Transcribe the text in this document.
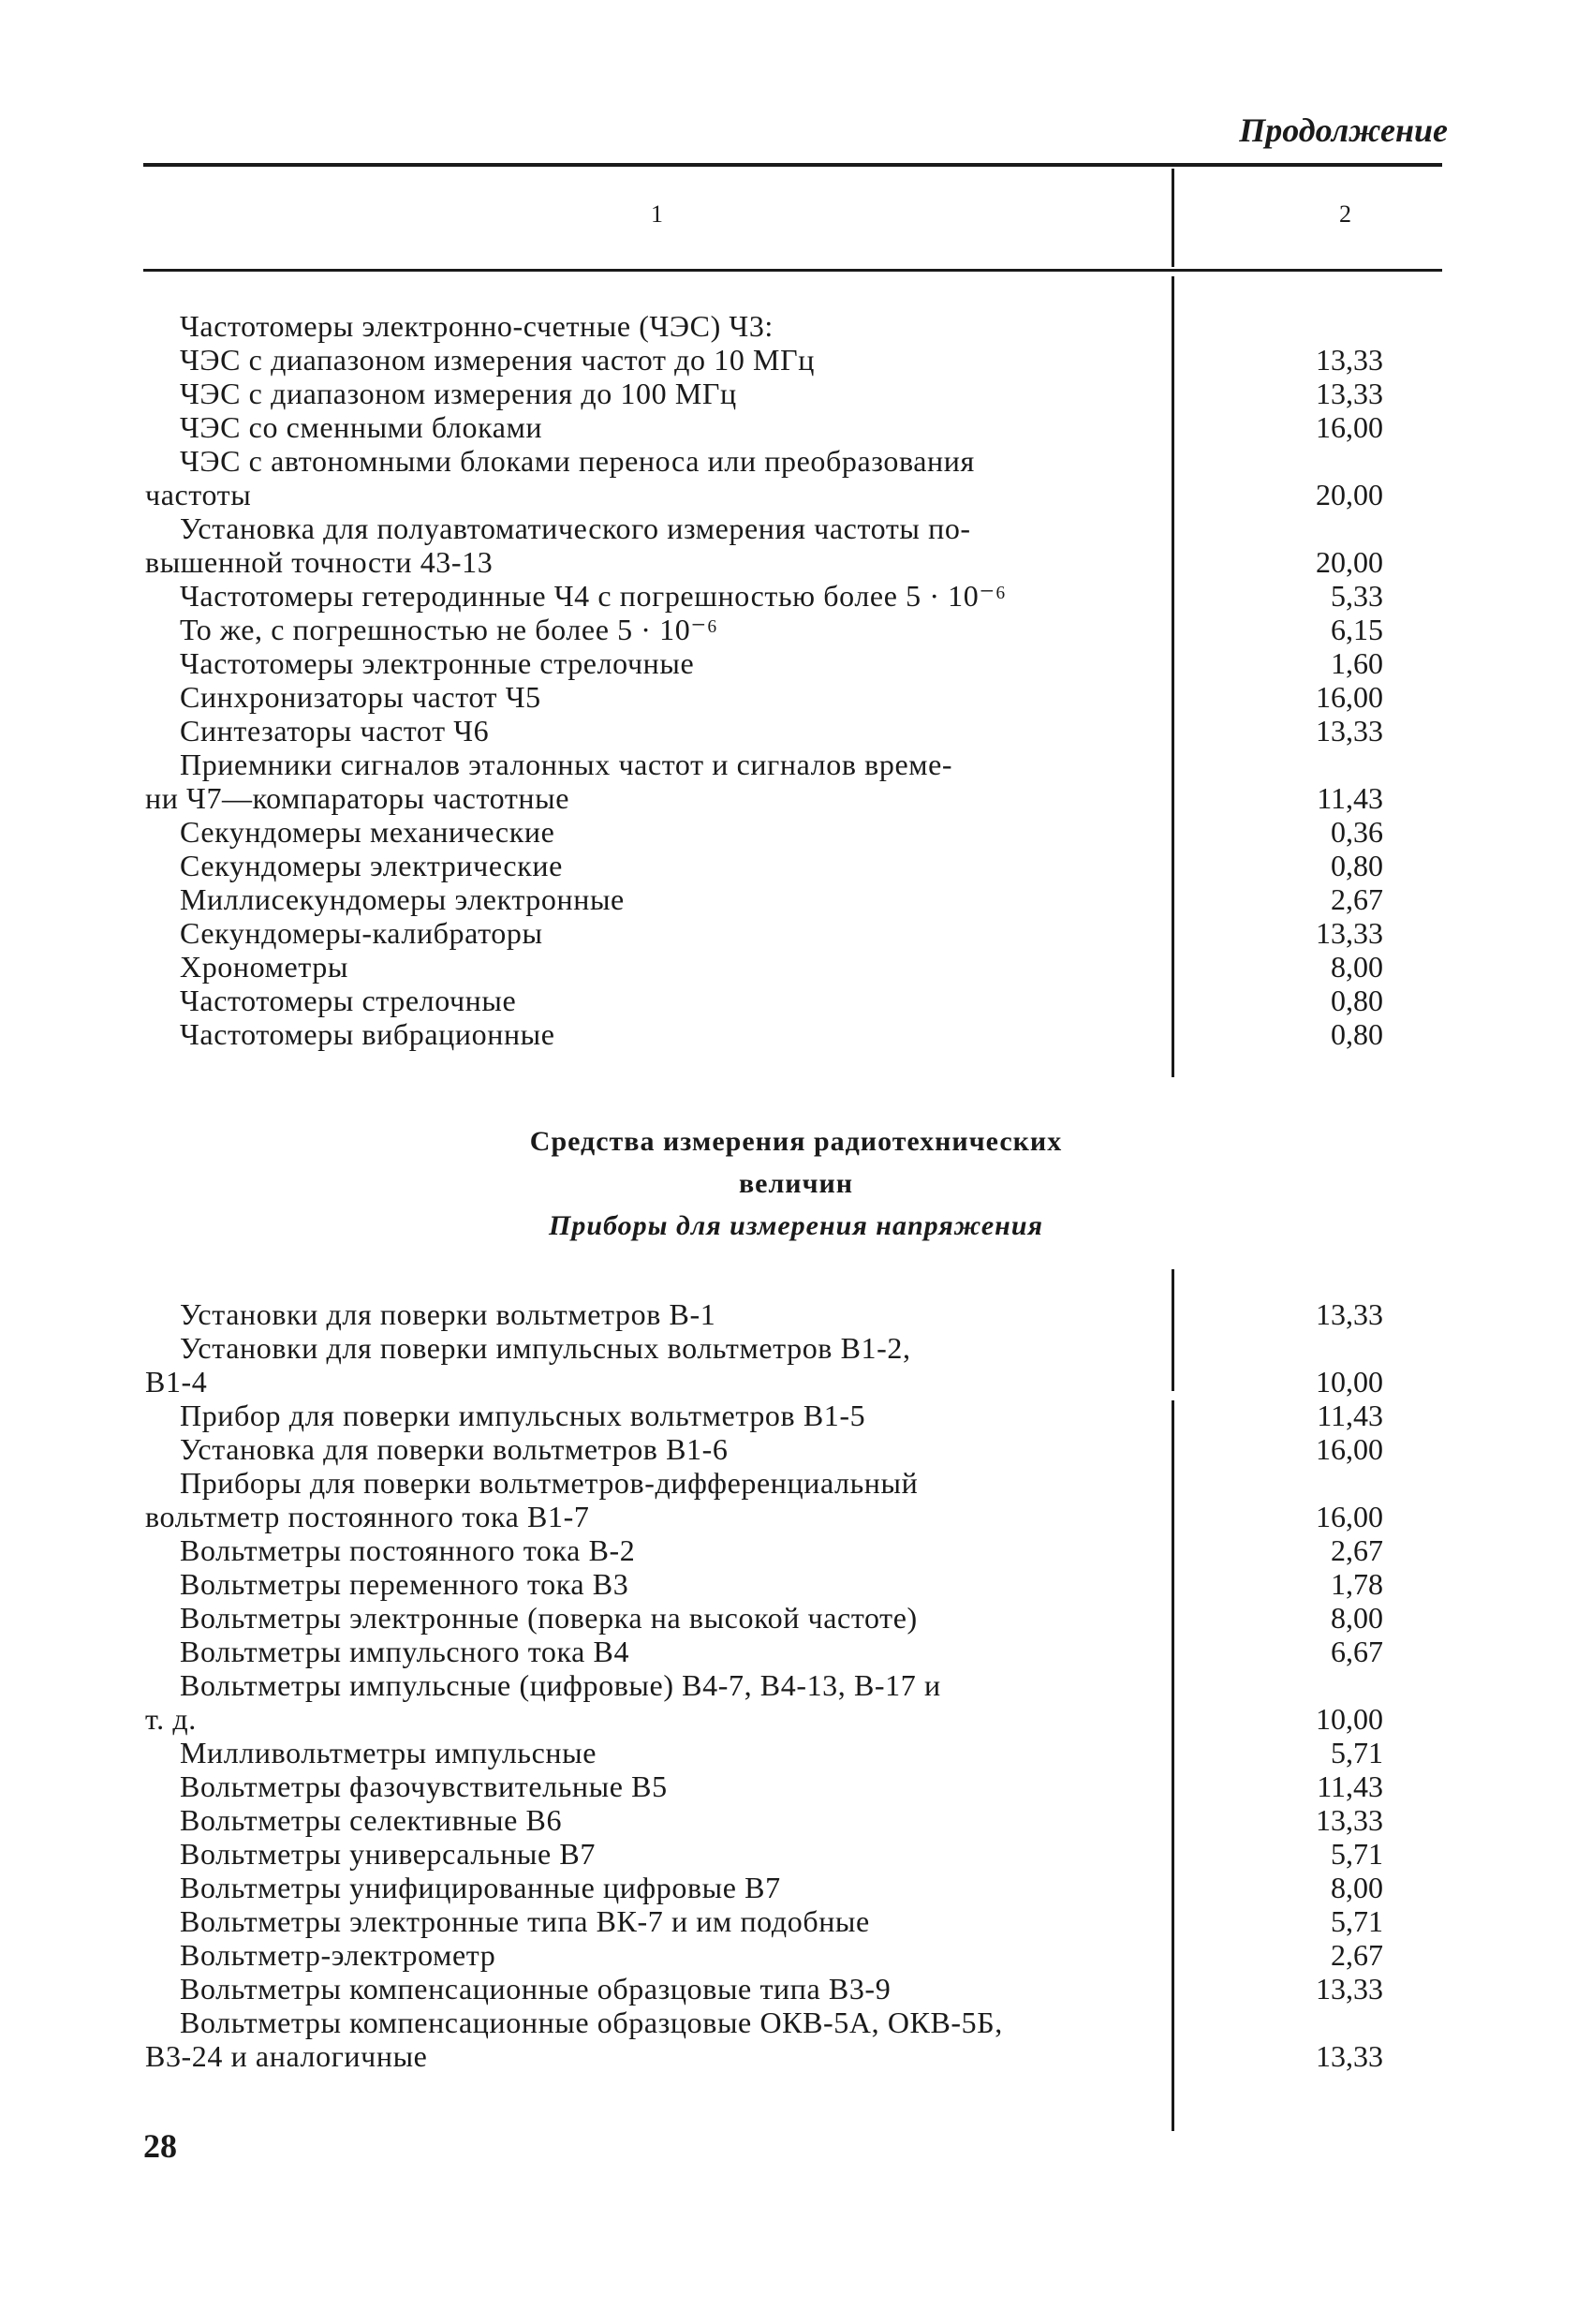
Продолжение
1	2
Частотомеры электронно-счетные (ЧЭС) Ч3:
ЧЭС с диапазоном измерения частот до 10 МГц	13,33
ЧЭС с диапазоном измерения до 100 МГц	13,33
ЧЭС со сменными блоками	16,00
ЧЭС с автономными блоками переноса или преобразования
частоты	20,00
Установка для полуавтоматического измерения частоты по-
вышенной точности 43-13	20,00
Частотомеры гетеродинные Ч4 с погрешностью более 5 · 10⁻⁶	5,33
То же, с погрешностью не более 5 · 10⁻⁶	6,15
Частотомеры электронные стрелочные	1,60
Синхронизаторы частот Ч5	16,00
Синтезаторы частот Ч6	13,33
Приемники сигналов эталонных частот и сигналов време-
ни Ч7—компараторы частотные	11,43
Секундомеры механические	0,36
Секундомеры электрические	0,80
Миллисекундомеры электронные	2,67
Секундомеры-калибраторы	13,33
Хронометры	8,00
Частотомеры стрелочные	0,80
Частотомеры вибрационные	0,80
Средства измерения радиотехнических
величин
Приборы для измерения напряжения
Установки для поверки вольтметров В-1	13,33
Установки для поверки импульсных вольтметров В1-2,
В1-4	10,00
Прибор для поверки импульсных вольтметров В1-5	11,43
Установка для поверки вольтметров В1-6	16,00
Приборы для поверки вольтметров-дифференциальный
вольтметр постоянного тока В1-7	16,00
Вольтметры постоянного тока В-2	2,67
Вольтметры переменного тока В3	1,78
Вольтметры электронные (поверка на высокой частоте)	8,00
Вольтметры импульсного тока В4	6,67
Вольтметры импульсные (цифровые) В4-7, В4-13, В-17 и
т. д.	10,00
Милливольтметры импульсные	5,71
Вольтметры фазочувствительные В5	11,43
Вольтметры селективные В6	13,33
Вольтметры универсальные В7	5,71
Вольтметры унифицированные цифровые В7	8,00
Вольтметры электронные типа ВК-7 и им подобные	5,71
Вольтметр-электрометр	2,67
Вольтметры компенсационные образцовые типа В3-9	13,33
Вольтметры компенсационные образцовые ОКВ-5А, ОКВ-5Б,
В3-24 и аналогичные	13,33
28
